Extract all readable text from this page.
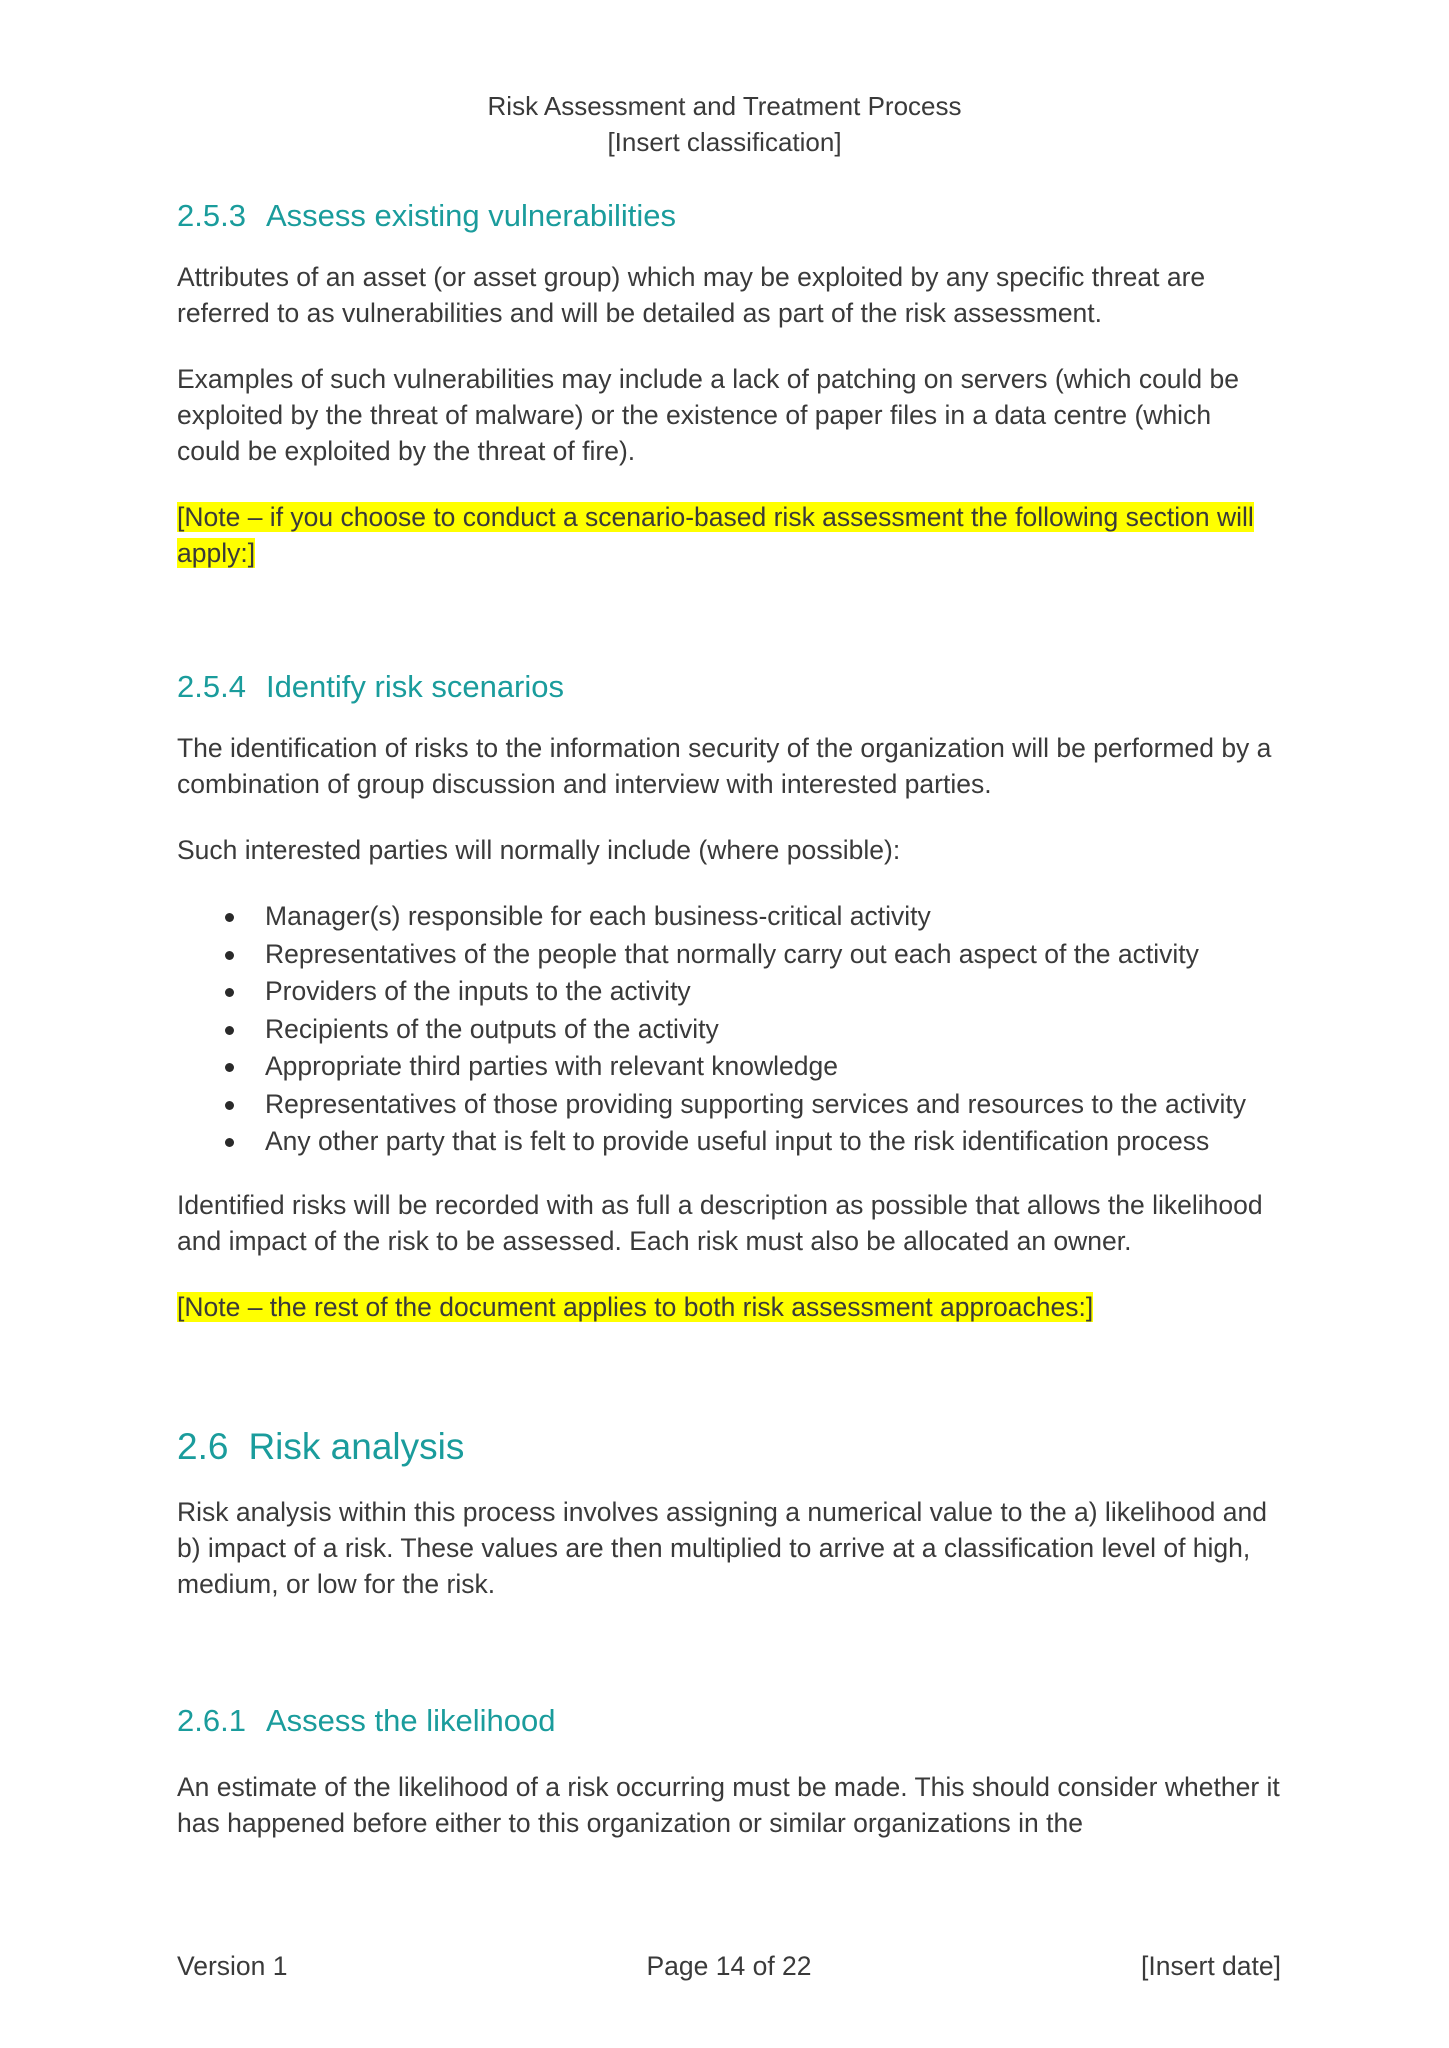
Risk Assessment and Treatment Process
[Insert classification]
2.5.3 Assess existing vulnerabilities

Attributes of an asset (or asset group) which may be exploited by any specific threat are referred to as vulnerabilities and will be detailed as part of the risk assessment.

Examples of such vulnerabilities may include a lack of patching on servers (which could be exploited by the threat of malware) or the existence of paper files in a data centre (which could be exploited by the threat of fire).

[Note – if you choose to conduct a scenario-based risk assessment the following section will
apply:]

2.5.4 Identify risk scenarios

The identification of risks to the information security of the organization will be performed by a combination of group discussion and interview with interested parties.

Such interested parties will normally include (where possible):

Manager(s) responsible for each business-critical activity
Representatives of the people that normally carry out each aspect of the activity
Providers of the inputs to the activity
Recipients of the outputs of the activity
Appropriate third parties with relevant knowledge
Representatives of those providing supporting services and resources to the activity
Any other party that is felt to provide useful input to the risk identification process

Identified risks will be recorded with as full a description as possible that allows the likelihood and impact of the risk to be assessed. Each risk must also be allocated an owner.

[Note – the rest of the document applies to both risk assessment approaches:]

2.6 Risk analysis

Risk analysis within this process involves assigning a numerical value to the a) likelihood and b) impact of a risk. These values are then multiplied to arrive at a classification level of high, medium, or low for the risk.

2.6.1 Assess the likelihood

An estimate of the likelihood of a risk occurring must be made. This should consider whether it has happened before either to this organization or similar organizations in the

Version 1	Page 14 of 22	[Insert date]
